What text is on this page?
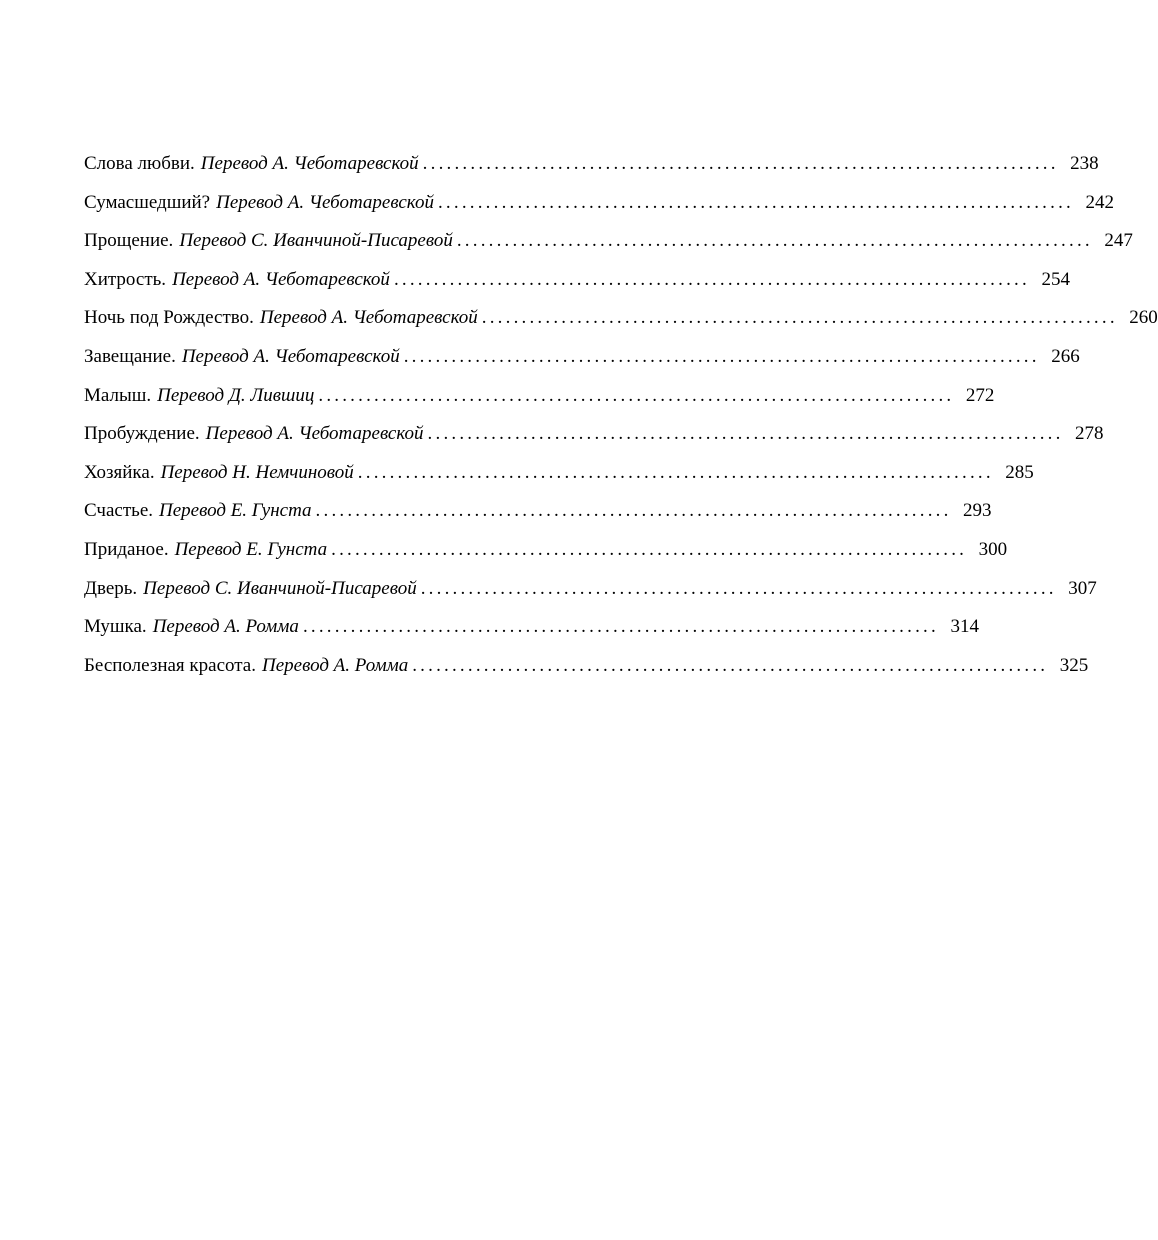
Слова любви. Перевод А. Чеботаревской ................................................................................ 238
Сумасшедший? Перевод А. Чеботаревской ................................................................................ 242
Прощение. Перевод С. Иванчиной-Писаревой ................................................................................ 247
Хитрость. Перевод А. Чеботаревской ................................................................................ 254
Ночь под Рождество. Перевод А. Чеботаревской ................................................................................ 260
Завещание. Перевод А. Чеботаревской ................................................................................ 266
Малыш. Перевод Д. Лившиц ................................................................................ 272
Пробуждение. Перевод А. Чеботаревской ................................................................................ 278
Хозяйка. Перевод Н. Немчиновой ................................................................................ 285
Счастье. Перевод Е. Гунста ................................................................................ 293
Приданое. Перевод Е. Гунста ................................................................................ 300
Дверь. Перевод С. Иванчиной-Писаревой ................................................................................ 307
Мушка. Перевод А. Ромма ................................................................................ 314
Бесполезная красота. Перевод А. Ромма ................................................................................ 325
